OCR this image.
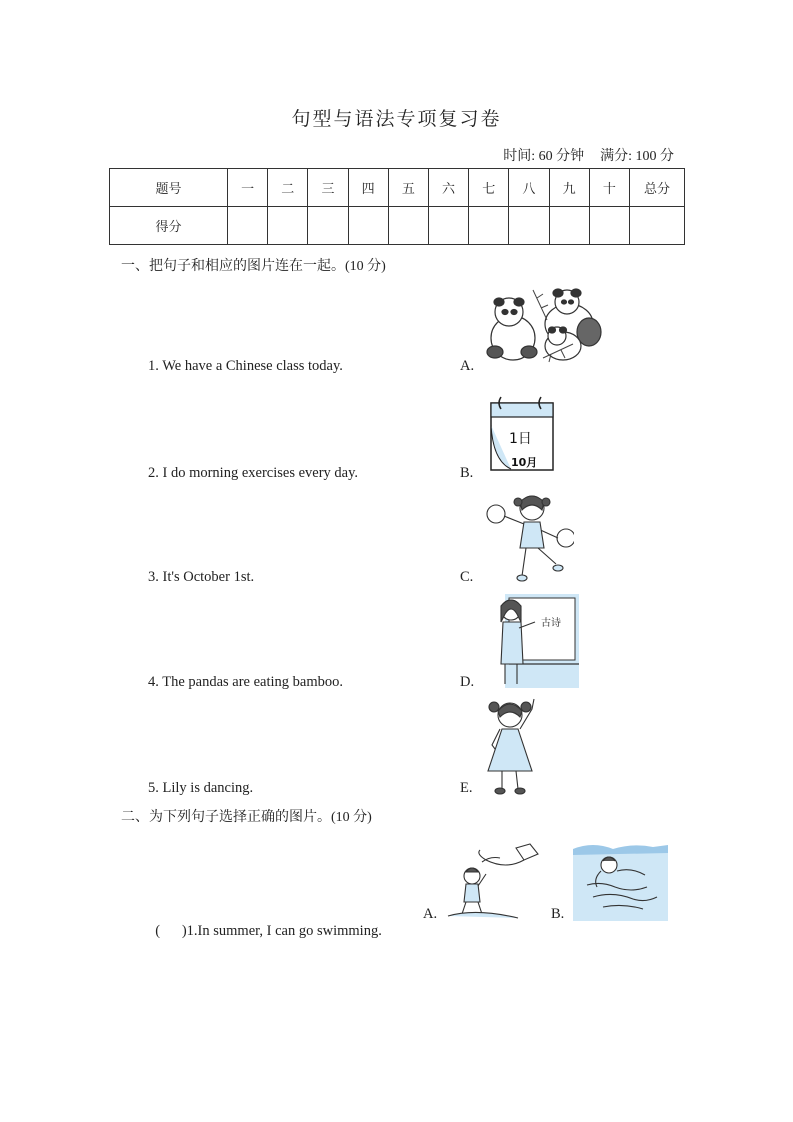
句型与语法专项复习卷
时间: 60 分钟 满分: 100 分
题号	一	二	三	四	五	六	七	八	九	十	总分
得分											
一、把句子和相应的图片连在一起。(10 分)
1. We have a Chinese class today.
2. I do morning exercises every day.
3. It's October 1st.
4. The pandas are eating bamboo.
5. Lily is dancing.
A.
B.
C.
D.
E.
1日
10月
古诗
二、为下列句子选择正确的图片。(10 分)

(      )1.In summer, I can go swimming.

A.	B.
